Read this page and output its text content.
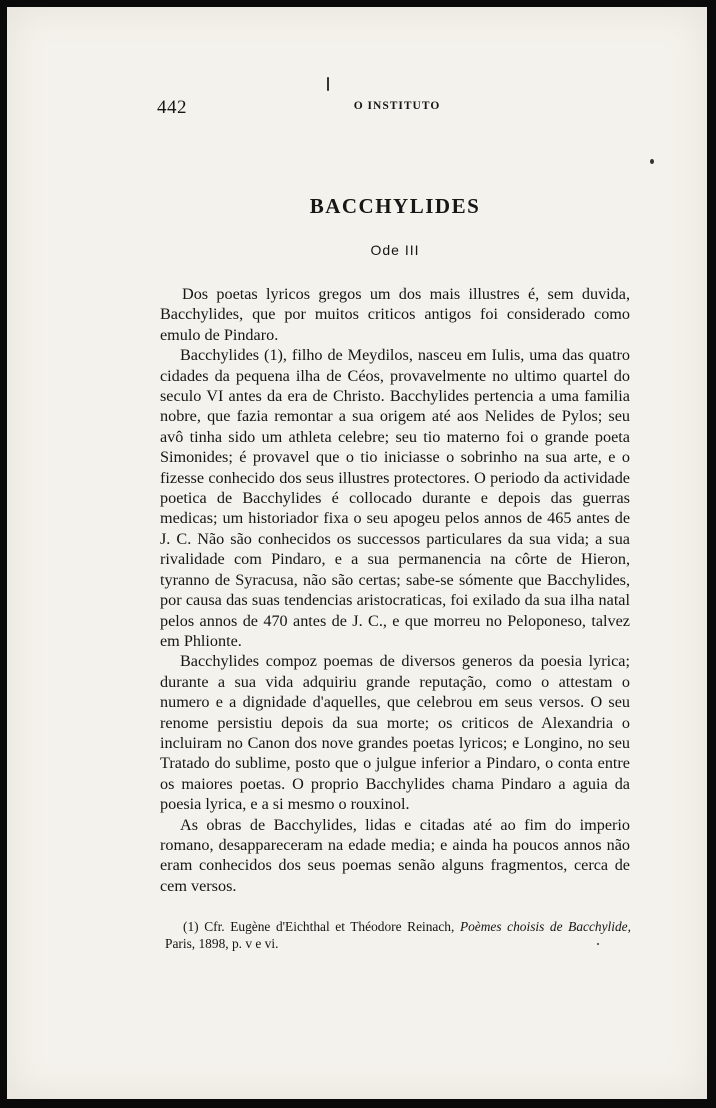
442	O INSTITUTO
BACCHYLIDES
Ode III

Dos poetas lyricos gregos um dos mais illustres é, sem duvida, Bacchylides, que por muitos criticos antigos foi considerado como emulo de Pindaro.

Bacchylides (1), filho de Meydilos, nasceu em Iulis, uma das quatro cidades da pequena ilha de Céos, provavelmente no ultimo quartel do seculo VI antes da era de Christo. Bacchylides pertencia a uma familia nobre, que fazia remontar a sua origem até aos Nelides de Pylos; seu avô tinha sido um athleta celebre; seu tio materno foi o grande poeta Simonides; é provavel que o tio iniciasse o sobrinho na sua arte, e o fizesse conhecido dos seus illustres protectores. O periodo da actividade poetica de Bacchylides é collocado durante e depois das guerras medicas; um historiador fixa o seu apogeu pelos annos de 465 antes de J. C. Não são conhecidos os successos particulares da sua vida; a sua rivalidade com Pindaro, e a sua permanencia na côrte de Hieron, tyranno de Syracusa, não são certas; sabe-se sómente que Bacchylides, por causa das suas tendencias aristocraticas, foi exilado da sua ilha natal pelos annos de 470 antes de J. C., e que morreu no Peloponeso, talvez em Phlionte.

Bacchylides compoz poemas de diversos generos da poesia lyrica; durante a sua vida adquiriu grande reputação, como o attestam o numero e a dignidade d'aquelles, que celebrou em seus versos. O seu renome persistiu depois da sua morte; os criticos de Alexandria o incluiram no Canon dos nove grandes poetas lyricos; e Longino, no seu Tratado do sublime, posto que o julgue inferior a Pindaro, o conta entre os maiores poetas. O proprio Bacchylides chama Pindaro a aguia da poesia lyrica, e a si mesmo o rouxinol.

As obras de Bacchylides, lidas e citadas até ao fim do imperio romano, desappareceram na edade media; e ainda ha poucos annos não eram conhecidos dos seus poemas senão alguns fragmentos, cerca de cem versos.

(1) Cfr. Eugène d'Eichthal et Théodore Reinach, Poèmes choisis de Bacchylide, Paris, 1898, p. v e vi.
